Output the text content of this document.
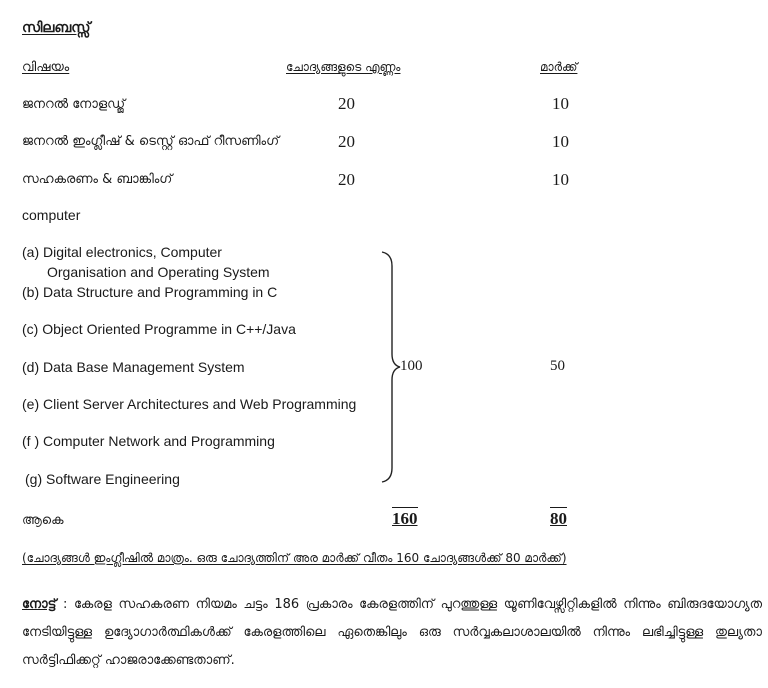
സിലബസ്സ്
വിഷയം	ചോദ്യങ്ങളുടെ എണ്ണം	മാർക്ക്
ജനറൽ നോളഡ്ജ്	20	10
ജനറൽ ഇംഗ്ലീഷ് & ടെസ്റ്റ് ഓഫ് റീസണിംഗ്	20	10
സഹകരണം & ബാങ്കിംഗ്	20	10
computer
(a) Digital electronics, Computer
Organisation and Operating System
(b) Data Structure and Programming in C
(c) Object Oriented Programme in C++/Java
(d) Data Base Management System
(e) Client Server Architectures and Web Programming
(f ) Computer Network and Programming
(g) Software Engineering
100	50
ആകെ	160	80
(ചോദ്യങ്ങൾ ഇംഗ്ലീഷിൽ മാത്രം. ഒരു ചോദ്യത്തിന് അര മാർക്ക് വീതം 160 ചോദ്യങ്ങൾക്ക് 80 മാർക്ക്)
നോട്ട് : കേരള സഹകരണ നിയമം ചട്ടം 186 പ്രകാരം കേരളത്തിന് പുറത്തുള്ള യൂണിവേഴ്സിറ്റികളിൽ നിന്നും ബിരുദയോഗ്യത നേടിയിട്ടുള്ള ഉദ്യോഗാർത്ഥികൾക്ക് കേരളത്തിലെ ഏതെങ്കിലും ഒരു സർവ്വകലാശാലയിൽ നിന്നും ലഭിച്ചിട്ടുള്ള തുല്യതാ സർട്ടിഫിക്കറ്റ് ഹാജരാക്കേണ്ടതാണ്.
